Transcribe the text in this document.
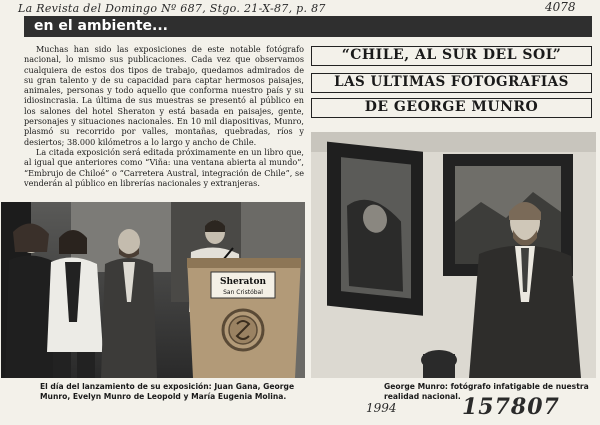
La Revista del Domingo Nº 687, Stgo. 21-X-87, p. 87	4078
en el ambiente...

Muchas han sido las exposiciones de este notable fotógrafo nacional, lo mismo sus publicaciones. Cada vez que observamos cualquiera de estos dos tipos de trabajo, quedamos admirados de su gran talento y de su capacidad para captar hermosos paisajes, animales, personas y todo aquello que conforma nuestro país y su idiosincrasia. La última de sus muestras se presentó al público en los salones del hotel Sheraton y está basada en paisajes, gente, personajes y situaciones nacionales. En 10 mil diapositivas, Munro, plasmó su recorrido por valles, montañas, quebradas, ríos y desiertos; 38.000 kilómetros a lo largo y ancho de Chile.

La citada exposición será editada próximamente en un libro que, al igual que anteriores como “Viña: una ventana abierta al mundo”, “Embrujo de Chiloé” o “Carretera Austral, integración de Chile”, se venderán al público en librerías nacionales y extranjeras.

“CHILE, AL SUR DEL SOL”
LAS ULTIMAS FOTOGRAFIAS
DE GEORGE MUNRO
Sheraton
San Cristóbal
El día del lanzamiento de su exposición: Juan Gana, George Munro, Evelyn Munro de Leopold y María Eugenia Molina.
George Munro: fotógrafo infatigable de nuestra realidad nacional.
1994	157807
